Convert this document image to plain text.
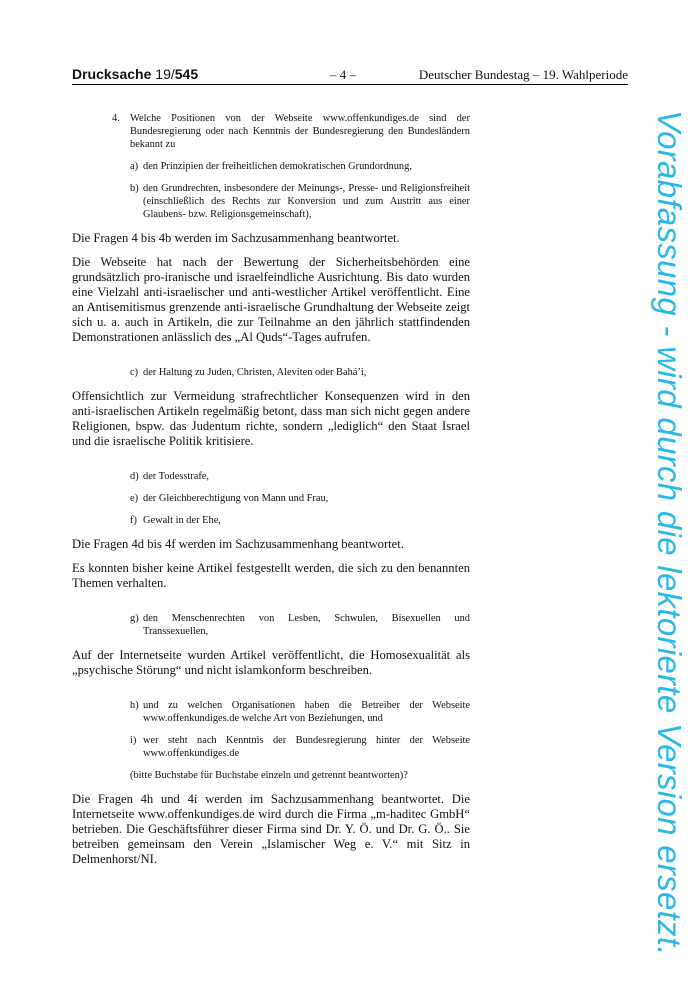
Drucksache 19/545	– 4 –	Deutscher Bundestag – 19. Wahlperiode
4. Welche Positionen von der Webseite www.offenkundiges.de sind der Bundesregierung oder nach Kenntnis der Bundesregierung den Bundesländern bekannt zu
a) den Prinzipien der freiheitlichen demokratischen Grundordnung,
b) den Grundrechten, insbesondere der Meinungs-, Presse- und Religionsfreiheit (einschließlich des Rechts zur Konversion und zum Austritt aus einer Glaubens- bzw. Religionsgemeinschaft),

Die Fragen 4 bis 4b werden im Sachzusammenhang beantwortet.

Die Webseite hat nach der Bewertung der Sicherheitsbehörden eine grundsätzlich pro-iranische und israelfeindliche Ausrichtung. Bis dato wurden eine Vielzahl anti-israelischer und anti-westlicher Artikel veröffentlicht. Eine an Antisemitismus grenzende anti-israelische Grundhaltung der Webseite zeigt sich u. a. auch in Artikeln, die zur Teilnahme an den jährlich stattfindenden Demonstrationen anlässlich des „Al Quds“-Tages aufrufen.

c) der Haltung zu Juden, Christen, Aleviten oder Bahá’i,

Offensichtlich zur Vermeidung strafrechtlicher Konsequenzen wird in den anti-israelischen Artikeln regelmäßig betont, dass man sich nicht gegen andere Religionen, bspw. das Judentum richte, sondern „lediglich“ den Staat Israel und die israelische Politik kritisiere.

d) der Todesstrafe,
e) der Gleichberechtigung von Mann und Frau,
f) Gewalt in der Ehe,

Die Fragen 4d bis 4f werden im Sachzusammenhang beantwortet.

Es konnten bisher keine Artikel festgestellt werden, die sich zu den benannten Themen verhalten.

g) den Menschenrechten von Lesben, Schwulen, Bisexuellen und Transsexuellen,

Auf der Internetseite wurden Artikel veröffentlicht, die Homosexualität als „psychische Störung“ und nicht islamkonform beschreiben.

h) und zu welchen Organisationen haben die Betreiber der Webseite www.offenkundiges.de welche Art von Beziehungen, und
i) wer steht nach Kenntnis der Bundesregierung hinter der Webseite www.offenkundiges.de
(bitte Buchstabe für Buchstabe einzeln und getrennt beantworten)?

Die Fragen 4h und 4i werden im Sachzusammenhang beantwortet. Die Internetseite www.offenkundiges.de wird durch die Firma „m-haditec GmbH“ betrieben. Die Geschäftsführer dieser Firma sind Dr. Y. Ö. und Dr. G. Ö.. Sie betreiben gemeinsam den Verein „Islamischer Weg e. V.“ mit Sitz in Delmenhorst/NI.	Vorabfassung - wird durch die lektorierte Version ersetzt.
